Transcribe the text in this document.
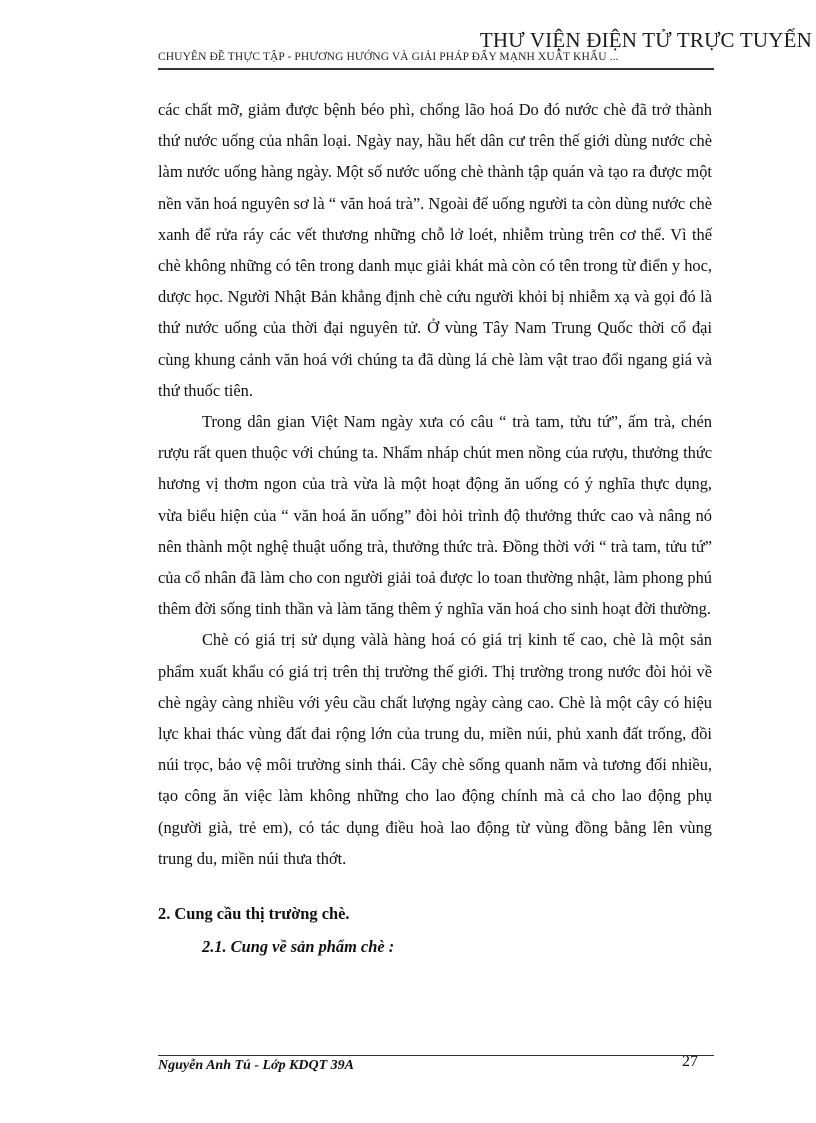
THƯ VIỆN ĐIỆN TỬ TRỰC TUYẾN
CHUYÊN ĐỀ THỰC TẬP - PHƯƠNG HƯỚNG VÀ GIẢI PHÁP ĐẨY MẠNH XUẤT KHẨU ...

các chất mỡ, giảm được bệnh béo phì, chống lão hoá Do đó nước chè đã trở thành thứ nước uống của nhân loại. Ngày nay, hầu hết dân cư trên thế giới dùng nước chè làm nước uống hàng ngày. Một số nước uống chè thành tập quán và tạo ra được một nền văn hoá nguyên sơ là “ văn hoá trà”. Ngoài để uống người ta còn dùng nước chè xanh để rửa ráy các vết thương những chỗ lở loét, nhiễm trùng trên cơ thể. Vì thế chè không những có tên trong danh mục giải khát mà còn có tên trong từ điển y hoc, dược học. Người Nhật Bản khẳng định chè cứu người khỏi bị nhiễm xạ và gọi đó là thứ nước uống của thời đại nguyên tử. Ở vùng Tây Nam Trung Quốc thời cổ đại cùng khung cảnh văn hoá với chúng ta đã dùng lá chè làm vật trao đổi ngang giá và thứ thuốc tiên.

Trong dân gian Việt Nam ngày xưa có câu “ trà tam, tửu tứ”, ấm trà, chén rượu rất quen thuộc với chúng ta. Nhấm nháp chút men nồng của rượu, thưởng thức hương vị thơm ngon của trà vừa là một hoạt động ăn uống có ý nghĩa thực dụng, vừa biểu hiện của “ văn hoá ăn uống” đòi hỏi trình độ thưởng thức cao và nâng nó nên thành một nghệ thuật uống trà, thưởng thức trà. Đồng thời với “ trà tam, tửu tứ” của cổ nhân đã làm cho con người giải toả được lo toan thường nhật, làm phong phú thêm đời sống tinh thần và làm tăng thêm ý nghĩa văn hoá cho sinh hoạt đời thường.

Chè có giá trị sử dụng vàlà hàng hoá có giá trị kinh tế cao, chè là một sản phẩm xuất khẩu có giá trị trên thị trường thế giới. Thị trường trong nước đòi hỏi về chè ngày càng nhiều với yêu cầu chất lượng ngày càng cao. Chè là một cây có hiệu lực khai thác vùng đất đai rộng lớn của trung du, miền núi, phủ xanh đất trống, đồi núi trọc, bảo vệ môi trường sinh thái. Cây chè sống quanh năm và tương đối nhiều, tạo công ăn việc làm không những cho lao động chính mà cả cho lao động phụ (người già, trẻ em), có tác dụng điều hoà lao động từ vùng đồng bằng lên vùng trung du, miền núi thưa thớt.

2. Cung cầu thị trường chè.
2.1. Cung về sản phẩm chè :
Nguyễn Anh Tú - Lớp KDQT 39A	27
